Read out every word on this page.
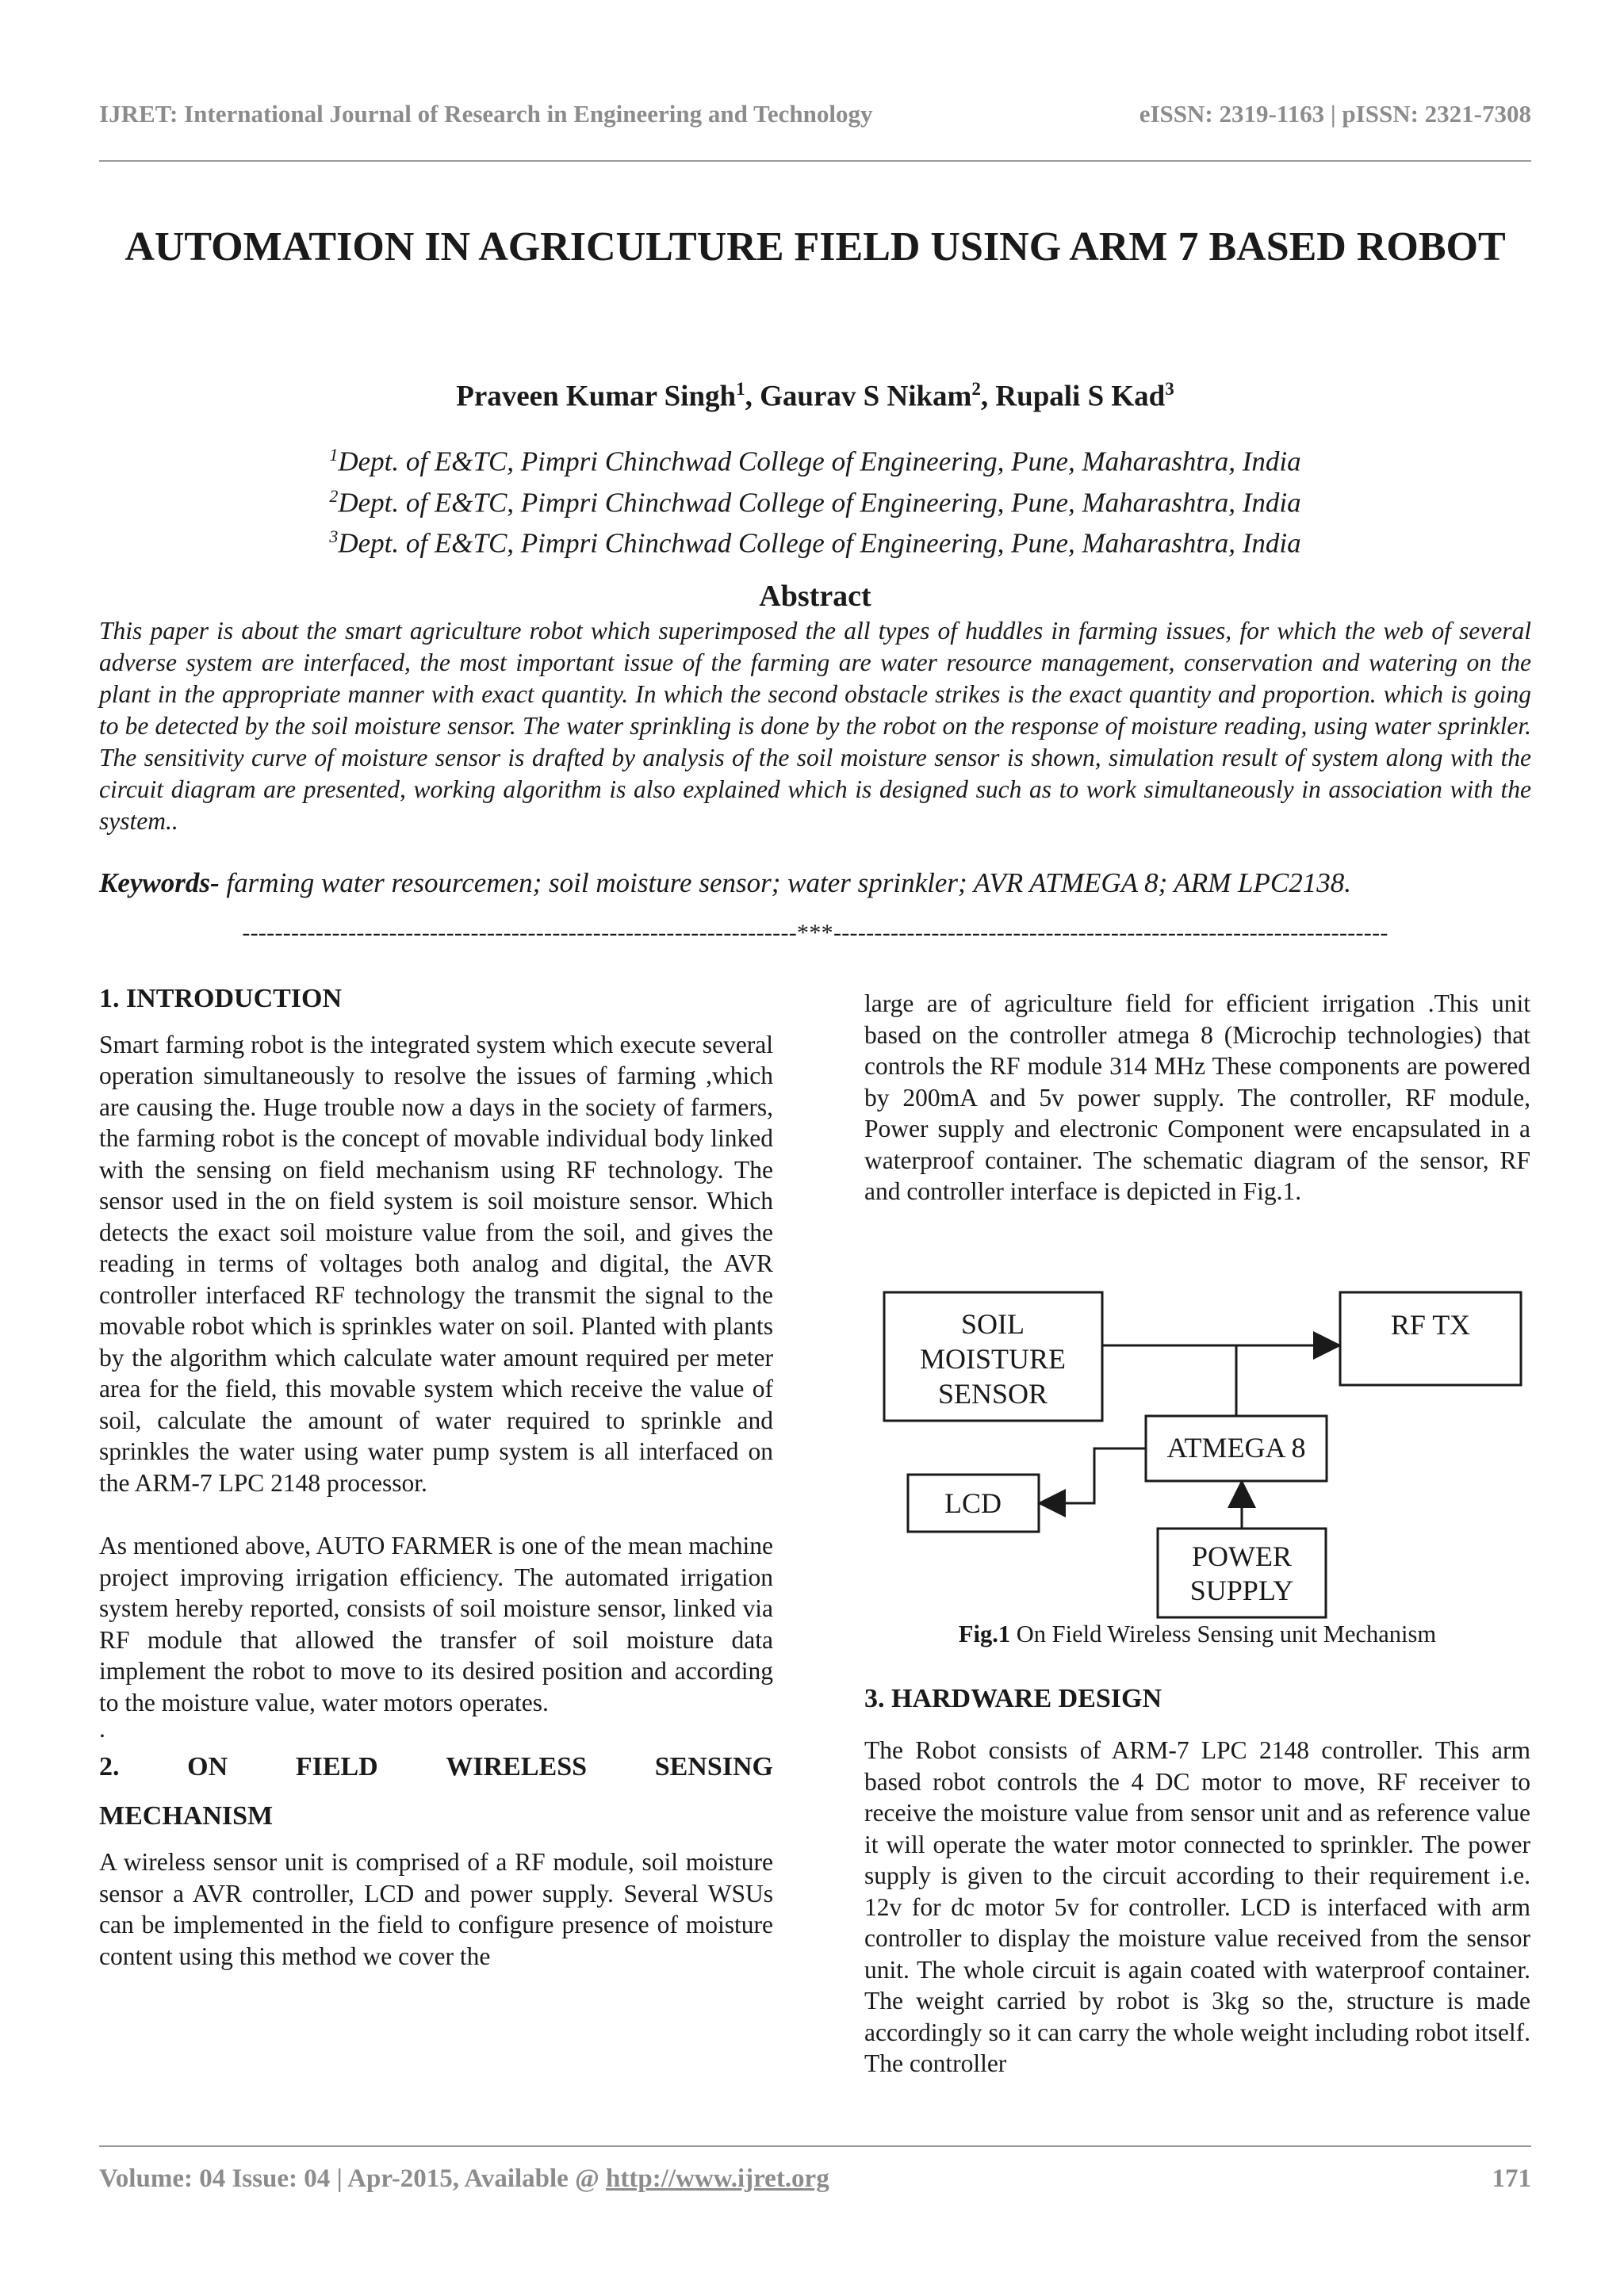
IJRET: International Journal of Research in Engineering and Technology	eISSN: 2319-1163 | pISSN: 2321-7308
AUTOMATION IN AGRICULTURE FIELD USING ARM 7 BASED ROBOT
Praveen Kumar Singh$^1$, Gaurav S Nikam$^2$, Rupali S Kad$^3$
$^1$Dept. of E&TC, Pimpri Chinchwad College of Engineering, Pune, Maharashtra, India
$^2$Dept. of E&TC, Pimpri Chinchwad College of Engineering, Pune, Maharashtra, India
$^3$Dept. of E&TC, Pimpri Chinchwad College of Engineering, Pune, Maharashtra, India
Abstract

This paper is about the smart agriculture robot which superimposed the all types of huddles in farming issues, for which the web of several adverse system are interfaced, the most important issue of the farming are water resource management, conservation and watering on the plant in the appropriate manner with exact quantity. In which the second obstacle strikes is the exact quantity and proportion. which is going to be detected by the soil moisture sensor. The water sprinkling is done by the robot on the response of moisture reading, using water sprinkler. The sensitivity curve of moisture sensor is drafted by analysis of the soil moisture sensor is shown, simulation result of system along with the circuit diagram are presented, working algorithm is also explained which is designed such as to work simultaneously in association with the system..

Keywords- farming water resourcemen; soil moisture sensor; water sprinkler; AVR ATMEGA 8; ARM LPC2138.
--------------------------------------------------------------------***--------------------------------------------------------------------
1. INTRODUCTION

Smart farming robot is the integrated system which execute several operation simultaneously to resolve the issues of farming ,which are causing the. Huge trouble now a days in the society of farmers, the farming robot is the concept of movable individual body linked with the sensing on field mechanism using RF technology. The sensor used in the on field system is soil moisture sensor. Which detects the exact soil moisture value from the soil, and gives the reading in terms of voltages both analog and digital, the AVR controller interfaced RF technology the transmit the signal to the movable robot which is sprinkles water on soil. Planted with plants by the algorithm which calculate water amount required per meter area for the field, this movable system which receive the value of soil, calculate the amount of water required to sprinkle and sprinkles the water using water pump system is all interfaced on the ARM-7 LPC 2148 processor.

As mentioned above, AUTO FARMER is one of the mean machine project improving irrigation efficiency. The automated irrigation system hereby reported, consists of soil moisture sensor, linked via RF module that allowed the transfer of soil moisture data implement the robot to move to its desired position and according to the moisture value, water motors operates.

.
2.	ON	FIELD	WIRELESS	SENSING
MECHANISM

A wireless sensor unit is comprised of a RF module, soil moisture sensor a AVR controller, LCD and power supply. Several WSUs can be implemented in the field to configure presence of moisture content using this method we cover the

large are of agriculture field for efficient irrigation .This unit based on the controller atmega 8 (Microchip technologies) that controls the RF module 314 MHz These components are powered by 200mA and 5v power supply. The controller, RF module, Power supply and electronic Component were encapsulated in a waterproof container. The schematic diagram of the sensor, RF and controller interface is depicted in Fig.1.

SOIL
MOISTURE
SENSOR
RF TX
ATMEGA 8
LCD
POWER
SUPPLY
Fig.1 On Field Wireless Sensing unit Mechanism
3. HARDWARE DESIGN

The Robot consists of ARM-7 LPC 2148 controller. This arm based robot controls the 4 DC motor to move, RF receiver to receive the moisture value from sensor unit and as reference value it will operate the water motor connected to sprinkler. The power supply is given to the circuit according to their requirement i.e. 12v for dc motor 5v for controller. LCD is interfaced with arm controller to display the moisture value received from the sensor unit. The whole circuit is again coated with waterproof container. The weight carried by robot is 3kg so the, structure is made accordingly so it can carry the whole weight including robot itself. The controller

Volume: 04 Issue: 04 | Apr-2015, Available @ http://www.ijret.org	171
